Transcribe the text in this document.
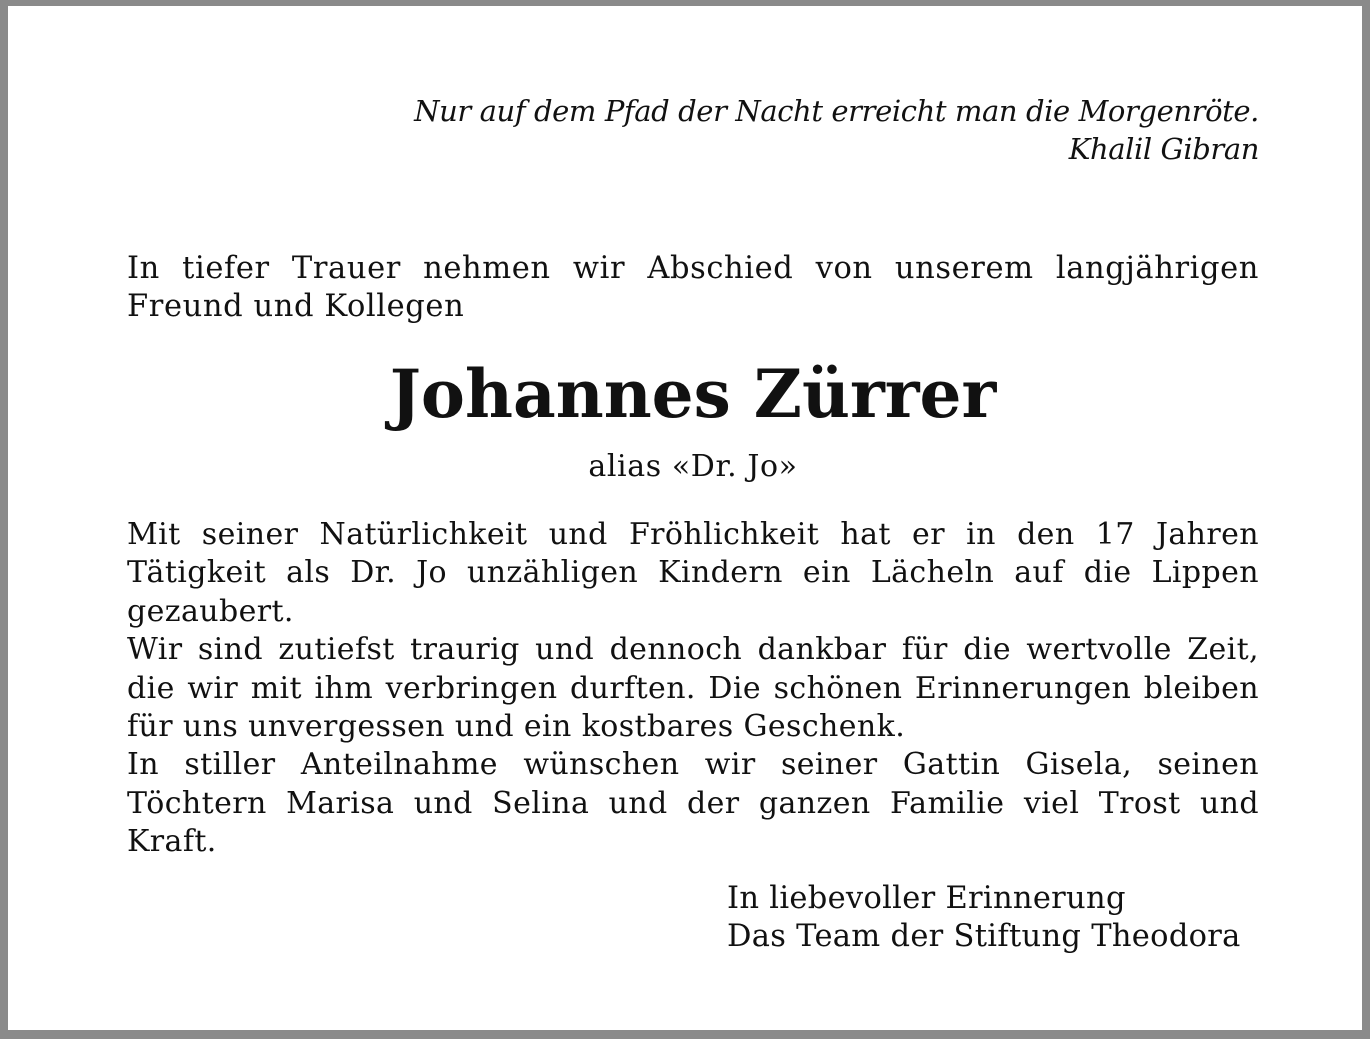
Nur auf dem Pfad der Nacht erreicht man die Morgenröte.
Khalil Gibran

In tiefer Trauer nehmen wir Abschied von unserem langjährigen Freund und Kollegen

Johannes Zürrer
alias «Dr. Jo»

Mit seiner Natürlichkeit und Fröhlichkeit hat er in den 17 Jahren Tätigkeit als Dr. Jo unzähligen Kindern ein Lächeln auf die Lippen gezaubert.

Wir sind zutiefst traurig und dennoch dankbar für die wertvolle Zeit, die wir mit ihm verbringen durften. Die schönen Erinnerungen bleiben für uns unvergessen und ein kostbares Geschenk.

In stiller Anteilnahme wünschen wir seiner Gattin Gisela, seinen Töchtern Marisa und Selina und der ganzen Familie viel Trost und Kraft.

In liebevoller Erinnerung
Das Team der Stiftung Theodora
